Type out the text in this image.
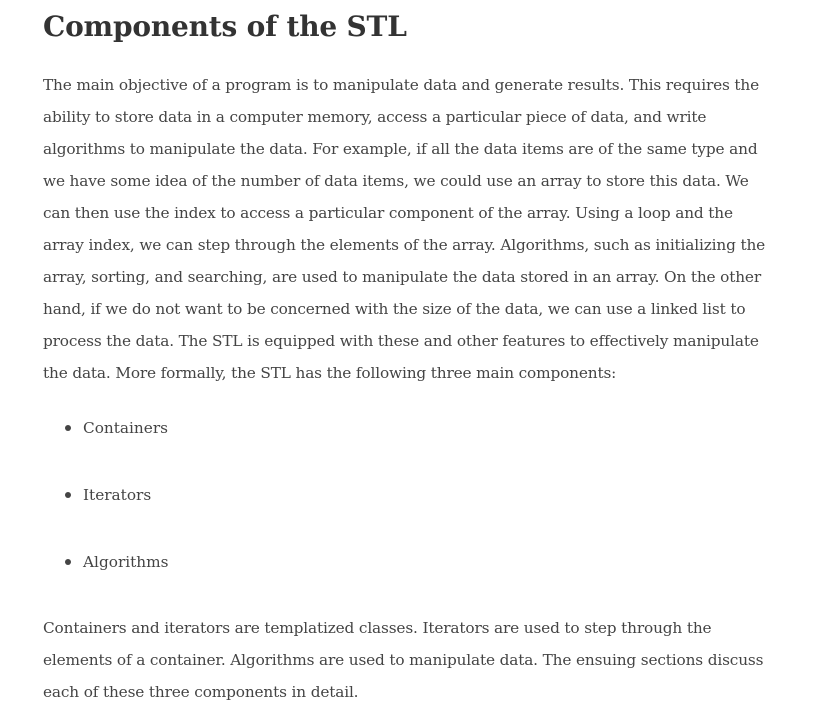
Components of the STL

The main objective of a program is to manipulate data and generate results. This requires the
ability to store data in a computer memory, access a particular piece of data, and write
algorithms to manipulate the data. For example, if all the data items are of the same type and
we have some idea of the number of data items, we could use an array to store this data. We
can then use the index to access a particular component of the array. Using a loop and the
array index, we can step through the elements of the array. Algorithms, such as initializing the
array, sorting, and searching, are used to manipulate the data stored in an array. On the other
hand, if we do not want to be concerned with the size of the data, we can use a linked list to
process the data. The STL is equipped with these and other features to effectively manipulate
the data. More formally, the STL has the following three main components:

Containers
Iterators
Algorithms

Containers and iterators are templatized classes. Iterators are used to step through the
elements of a container. Algorithms are used to manipulate data. The ensuing sections discuss
each of these three components in detail.
